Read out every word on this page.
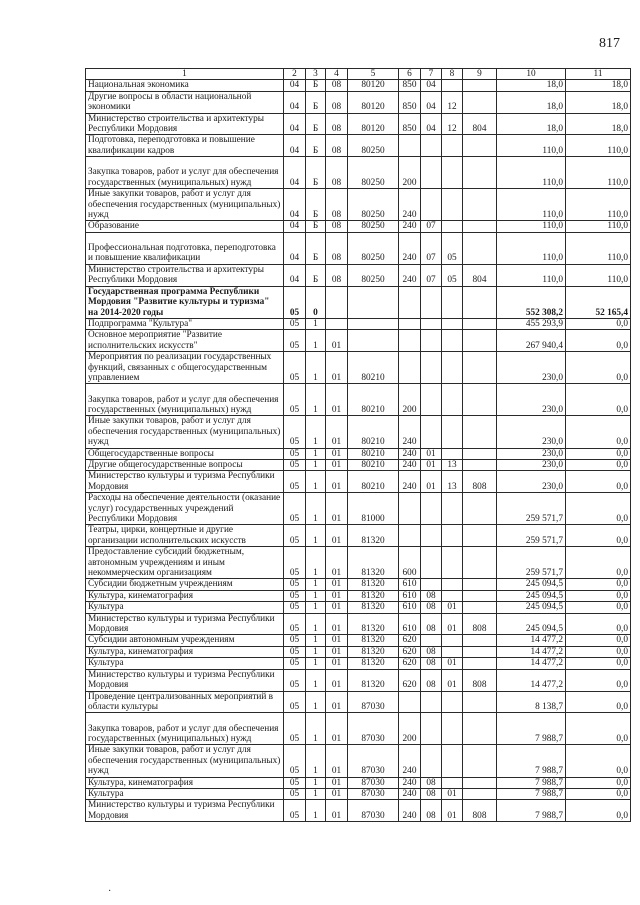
817
1	2	3	4	5	6	7	8	9	10	11
Национальная экономика	04	Б	08	80120	850	04			18,0	18,0
Другие вопросы в области национальной экономики	04	Б	08	80120	850	04	12		18,0	18,0
Министерство строительства и архитектуры Республики Мордовия	04	Б	08	80120	850	04	12	804	18,0	18,0
Подготовка, переподготовка и повышение квалификации кадров	04	Б	08	80250					110,0	110,0
Закупка товаров, работ и услуг для обеспечения государственных (муниципальных) нужд	04	Б	08	80250	200				110,0	110,0
Иные закупки товаров, работ и услуг для обеспечения государственных (муниципальных) нужд	04	Б	08	80250	240				110,0	110,0
Образование	04	Б	08	80250	240	07			110,0	110,0
Профессиональная подготовка, переподготовка и повышение квалификации	04	Б	08	80250	240	07	05		110,0	110,0
Министерство строительства и архитектуры Республики Мордовия	04	Б	08	80250	240	07	05	804	110,0	110,0
Государственная программа Республики Мордовия "Развитие культуры и туризма" на 2014-2020 годы	05	0							552 308,2	52 165,4
Подпрограмма "Культура"	05	1							455 293,9	0,0
Основное мероприятие "Развитие исполнительских искусств"	05	1	01						267 940,4	0,0
Мероприятия по реализации государственных функций, связанных с общегосударственным управлением	05	1	01	80210					230,0	0,0
Закупка товаров, работ и услуг для обеспечения государственных (муниципальных) нужд	05	1	01	80210	200				230,0	0,0
Иные закупки товаров, работ и услуг для обеспечения государственных (муниципальных) нужд	05	1	01	80210	240				230,0	0,0
Общегосударственные вопросы	05	1	01	80210	240	01			230,0	0,0
Другие общегосударственные вопросы	05	1	01	80210	240	01	13		230,0	0,0
Министерство культуры и туризма Республики Мордовия	05	1	01	80210	240	01	13	808	230,0	0,0
Расходы на обеспечение деятельности (оказание услуг) государственных учреждений Республики Мордовия	05	1	01	81000					259 571,7	0,0
Театры, цирки, концертные и другие организации исполнительских искусств	05	1	01	81320					259 571,7	0,0
Предоставление субсидий бюджетным, автономным учреждениям и иным некоммерческим организациям	05	1	01	81320	600				259 571,7	0,0
Субсидии бюджетным учреждениям	05	1	01	81320	610				245 094,5	0,0
Культура, кинематография	05	1	01	81320	610	08			245 094,5	0,0
Культура	05	1	01	81320	610	08	01		245 094,5	0,0
Министерство культуры и туризма Республики Мордовия	05	1	01	81320	610	08	01	808	245 094,5	0,0
Субсидии автономным учреждениям	05	1	01	81320	620				14 477,2	0,0
Культура, кинематография	05	1	01	81320	620	08			14 477,2	0,0
Культура	05	1	01	81320	620	08	01		14 477,2	0,0
Министерство культуры и туризма Республики Мордовия	05	1	01	81320	620	08	01	808	14 477,2	0,0
Проведение централизованных мероприятий в области культуры	05	1	01	87030					8 138,7	0,0
Закупка товаров, работ и услуг для обеспечения государственных (муниципальных) нужд	05	1	01	87030	200				7 988,7	0,0
Иные закупки товаров, работ и услуг для обеспечения государственных (муниципальных) нужд	05	1	01	87030	240				7 988,7	0,0
Культура, кинематография	05	1	01	87030	240	08			7 988,7	0,0
Культура	05	1	01	87030	240	08	01		7 988,7	0,0
Министерство культуры и туризма Республики Мордовия	05	1	01	87030	240	08	01	808	7 988,7	0,0
·
